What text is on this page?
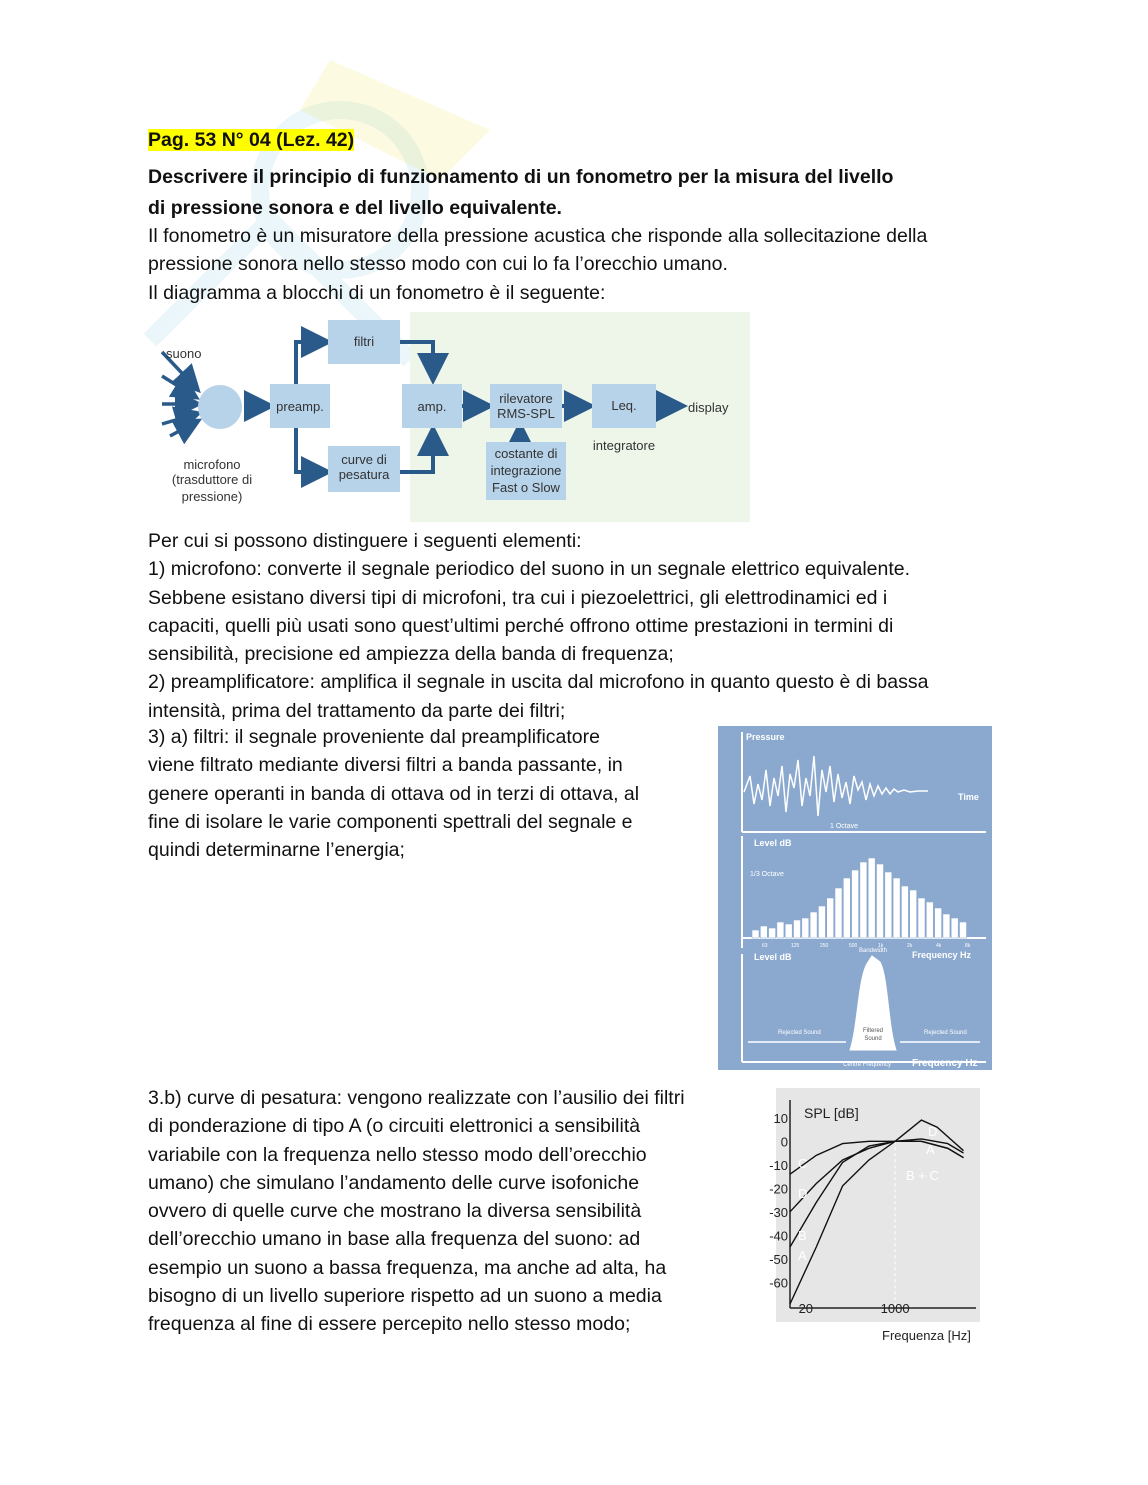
Pag. 53 N° 04 (Lez. 42)

Descrivere il principio di funzionamento di un fonometro per la misura del livello

di pressione sonora e del livello equivalente.

Il fonometro è un misuratore della pressione acustica che risponde alla sollecitazione della

pressione sonora nello stesso modo con cui lo fa l’orecchio umano.

Il diagramma a blocchi di un fonometro è il seguente:

suono
microfono
(trasduttore di
pressione)
preamp.
filtri
curve di
pesatura
amp.
rilevatore
RMS-SPL
costante di
integrazione
Fast o Slow
Leq.
integratore
display

Per cui si possono distinguere i seguenti elementi:

1) microfono: converte il segnale periodico del suono in un segnale elettrico equivalente.

Sebbene esistano diversi tipi di microfoni, tra cui i piezoelettrici, gli elettrodinamici ed i

capaciti, quelli più usati sono quest’ultimi perché offrono ottime prestazioni in termini di

sensibilità, precisione ed ampiezza della banda di frequenza;

2) preamplificatore: amplifica il segnale in uscita dal microfono in quanto questo è di bassa

intensità, prima del trattamento da parte dei filtri;

3) a) filtri: il segnale proveniente dal preamplificatore

viene filtrato mediante diversi filtri a banda passante, in

genere operanti in banda di ottava od in terzi di ottava, al

fine di isolare le varie componenti spettrali del segnale e

quindi determinarne l’energia;

Pressure
Time
Level dB
1 Octave
1/3 Octave
63	125	250	500	1k	2k	4k	8k
Level dB	Frequency Hz
Bandwidth
Filtered
Sound
Rejected Sound	Rejected Sound
Centre Frequency Frequency Hz

3.b) curve di pesatura: vengono realizzate con l’ausilio dei filtri

di ponderazione di tipo A (o circuiti elettronici a sensibilità

variabile con la frequenza nello stesso modo dell’orecchio

umano) che simulano l’andamento delle curve isofoniche

ovvero di quelle curve che mostrano la diversa sensibilità

dell’orecchio umano in base alla frequenza del suono: ad

esempio un suono a bassa frequenza, ma anche ad alta, ha

bisogno di un livello superiore rispetto ad un suono a media

frequenza al fine di essere percepito nello stesso modo;

SPL [dB]
Frequenza [Hz]
10
0
-10
-20
-30
-40
-50
-60
20	1000
D
A
B + C
C
D
B
A
